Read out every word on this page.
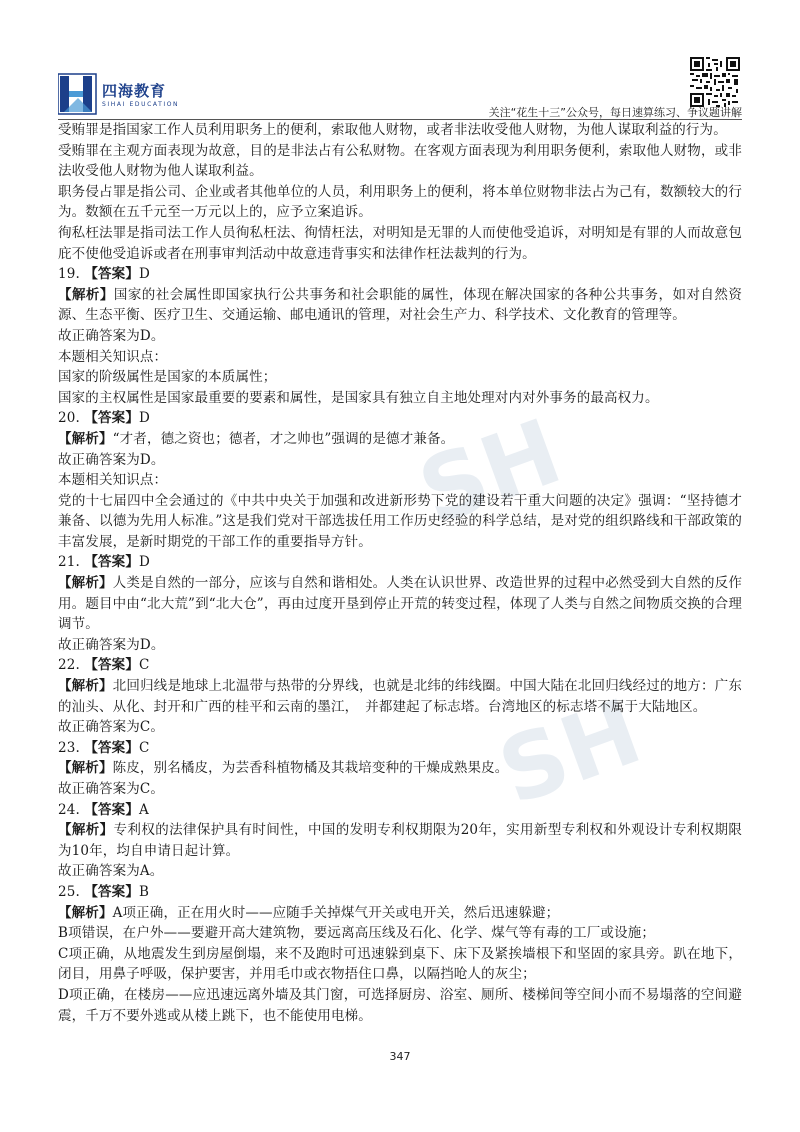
SH
SH
四海教育
SIHAI EDUCATION
关注“花生十三”公众号，每日速算练习、争议题讲解

受贿罪是指国家工作人员利用职务上的便利，索取他人财物，或者非法收受他人财物，为他人谋取利益的行为。

受贿罪在主观方面表现为故意，目的是非法占有公私财物。在客观方面表现为利用职务便利，索取他人财物，或非法收受他人财物为他人谋取利益。

职务侵占罪是指公司、企业或者其他单位的人员，利用职务上的便利，将本单位财物非法占为己有，数额较大的行为。数额在五千元至一万元以上的，应予立案追诉。

徇私枉法罪是指司法工作人员徇私枉法、徇情枉法，对明知是无罪的人而使他受追诉，对明知是有罪的人而故意包庇不使他受追诉或者在刑事审判活动中故意违背事实和法律作枉法裁判的行为。

19. 【答案】D

【解析】国家的社会属性即国家执行公共事务和社会职能的属性，体现在解决国家的各种公共事务，如对自然资源、生态平衡、医疗卫生、交通运输、邮电通讯的管理，对社会生产力、科学技术、文化教育的管理等。

故正确答案为D。

本题相关知识点：

国家的阶级属性是国家的本质属性；

国家的主权属性是国家最重要的要素和属性，是国家具有独立自主地处理对内对外事务的最高权力。

20. 【答案】D

【解析】“才者，德之资也；德者，才之帅也”强调的是德才兼备。

故正确答案为D。

本题相关知识点：

党的十七届四中全会通过的《中共中央关于加强和改进新形势下党的建设若干重大问题的决定》强调：“坚持德才兼备、以德为先用人标准。”这是我们党对干部选拔任用工作历史经验的科学总结，是对党的组织路线和干部政策的丰富发展，是新时期党的干部工作的重要指导方针。

21. 【答案】D

【解析】人类是自然的一部分，应该与自然和谐相处。人类在认识世界、改造世界的过程中必然受到大自然的反作用。题目中由“北大荒”到“北大仓”，再由过度开垦到停止开荒的转变过程，体现了人类与自然之间物质交换的合理调节。

故正确答案为D。

22. 【答案】C

【解析】北回归线是地球上北温带与热带的分界线，也就是北纬的纬线圈。中国大陆在北回归线经过的地方：广东的汕头、从化、封开和广西的桂平和云南的墨江，　并都建起了标志塔。台湾地区的标志塔不属于大陆地区。

故正确答案为C。

23. 【答案】C

【解析】陈皮，别名橘皮，为芸香科植物橘及其栽培变种的干燥成熟果皮。

故正确答案为C。

24. 【答案】A

【解析】专利权的法律保护具有时间性，中国的发明专利权期限为20年，实用新型专利权和外观设计专利权期限为10年，均自申请日起计算。

故正确答案为A。

25. 【答案】B

【解析】A项正确，正在用火时——应随手关掉煤气开关或电开关，然后迅速躲避；

B项错误，在户外——要避开高大建筑物，要远离高压线及石化、化学、煤气等有毒的工厂或设施；

C项正确，从地震发生到房屋倒塌，来不及跑时可迅速躲到桌下、床下及紧挨墙根下和坚固的家具旁。趴在地下，闭目，用鼻子呼吸，保护要害，并用毛巾或衣物捂住口鼻，以隔挡呛人的灰尘；

D项正确，在楼房——应迅速远离外墙及其门窗，可选择厨房、浴室、厕所、楼梯间等空间小而不易塌落的空间避震，千万不要外逃或从楼上跳下，也不能使用电梯。

347
